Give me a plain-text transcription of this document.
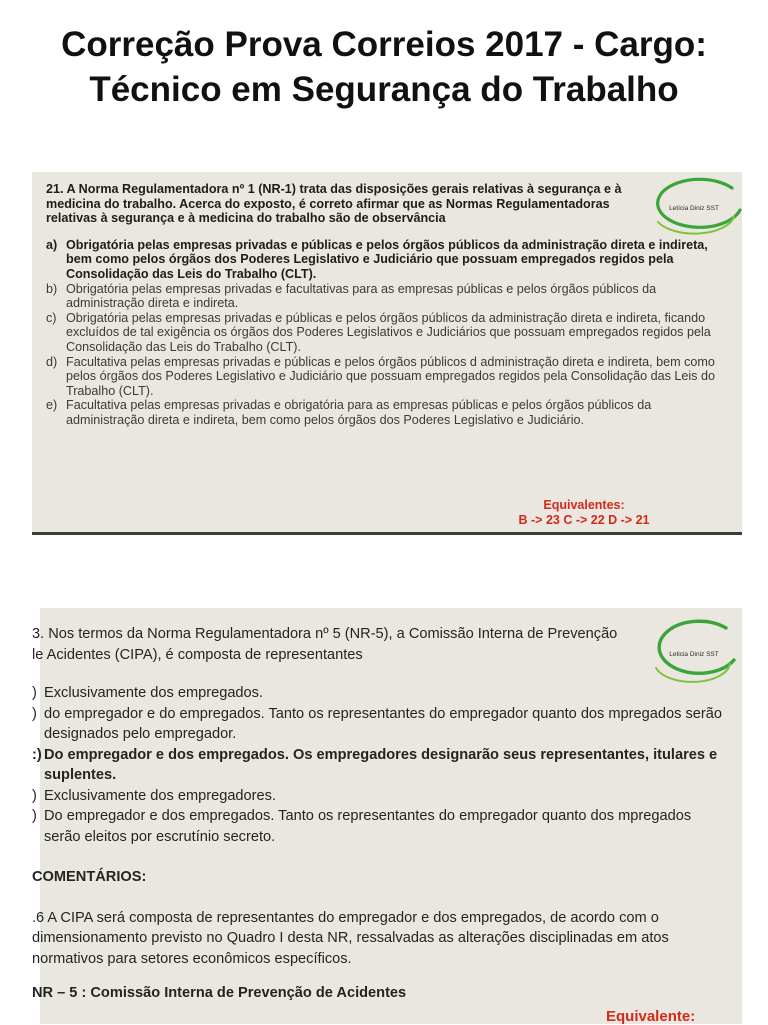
Correção Prova Correios 2017 - Cargo: Técnico em Segurança do Trabalho
Letícia Diniz SST
21. A Norma Regulamentadora nº 1 (NR-1) trata das disposições gerais relativas à segurança e à medicina do trabalho. Acerca do exposto, é correto afirmar que as Normas Regulamentadoras relativas à segurança e à medicina do trabalho são de observância
a) Obrigatória pelas empresas privadas e públicas e pelos órgãos públicos da administração direta e indireta, bem como pelos órgãos dos Poderes Legislativo e Judiciário que possuam empregados regidos pela Consolidação das Leis do Trabalho (CLT).
b) Obrigatória pelas empresas privadas e facultativas para as empresas públicas e pelos órgãos públicos da administração direta e indireta.
c) Obrigatória pelas empresas privadas e públicas e pelos órgãos públicos da administração direta e indireta, ficando excluídos de tal exigência os órgãos dos Poderes Legislativos e Judiciários que possuam empregados regidos pela Consolidação das Leis do Trabalho (CLT).
d) Facultativa pelas empresas privadas e públicas e pelos órgãos públicos d administração direta e indireta, bem como pelos órgãos dos Poderes Legislativo e Judiciário que possuam empregados regidos pela Consolidação das Leis do Trabalho (CLT).
e) Facultativa pelas empresas privadas e obrigatória para as empresas públicas e pelos órgãos públicos da administração direta e indireta, bem como pelos órgãos dos Poderes Legislativo e Judiciário.
Equivalentes:
B -> 23 C -> 22 D -> 21
Leticia Diniz SST
3. Nos termos da Norma Regulamentadora nº 5 (NR-5), a Comissão Interna de Prevenção le Acidentes (CIPA), é composta de representantes
) Exclusivamente dos empregados.
) do empregador e do empregados. Tanto os representantes do empregador quanto dos mpregados serão designados pelo empregador.
:) Do empregador e dos empregados. Os empregadores designarão seus representantes, itulares e suplentes.
) Exclusivamente dos empregadores.
) Do empregador e dos empregados. Tanto os representantes do empregador quanto dos mpregados serão eleitos por escrutínio secreto.
COMENTÁRIOS:
.6 A CIPA será composta de representantes do empregador e dos empregados, de acordo com o dimensionamento previsto no Quadro I desta NR, ressalvadas as alterações disciplinadas em atos normativos para setores econômicos específicos.
NR – 5 : Comissão Interna de Prevenção de Acidentes
Equivalente:
